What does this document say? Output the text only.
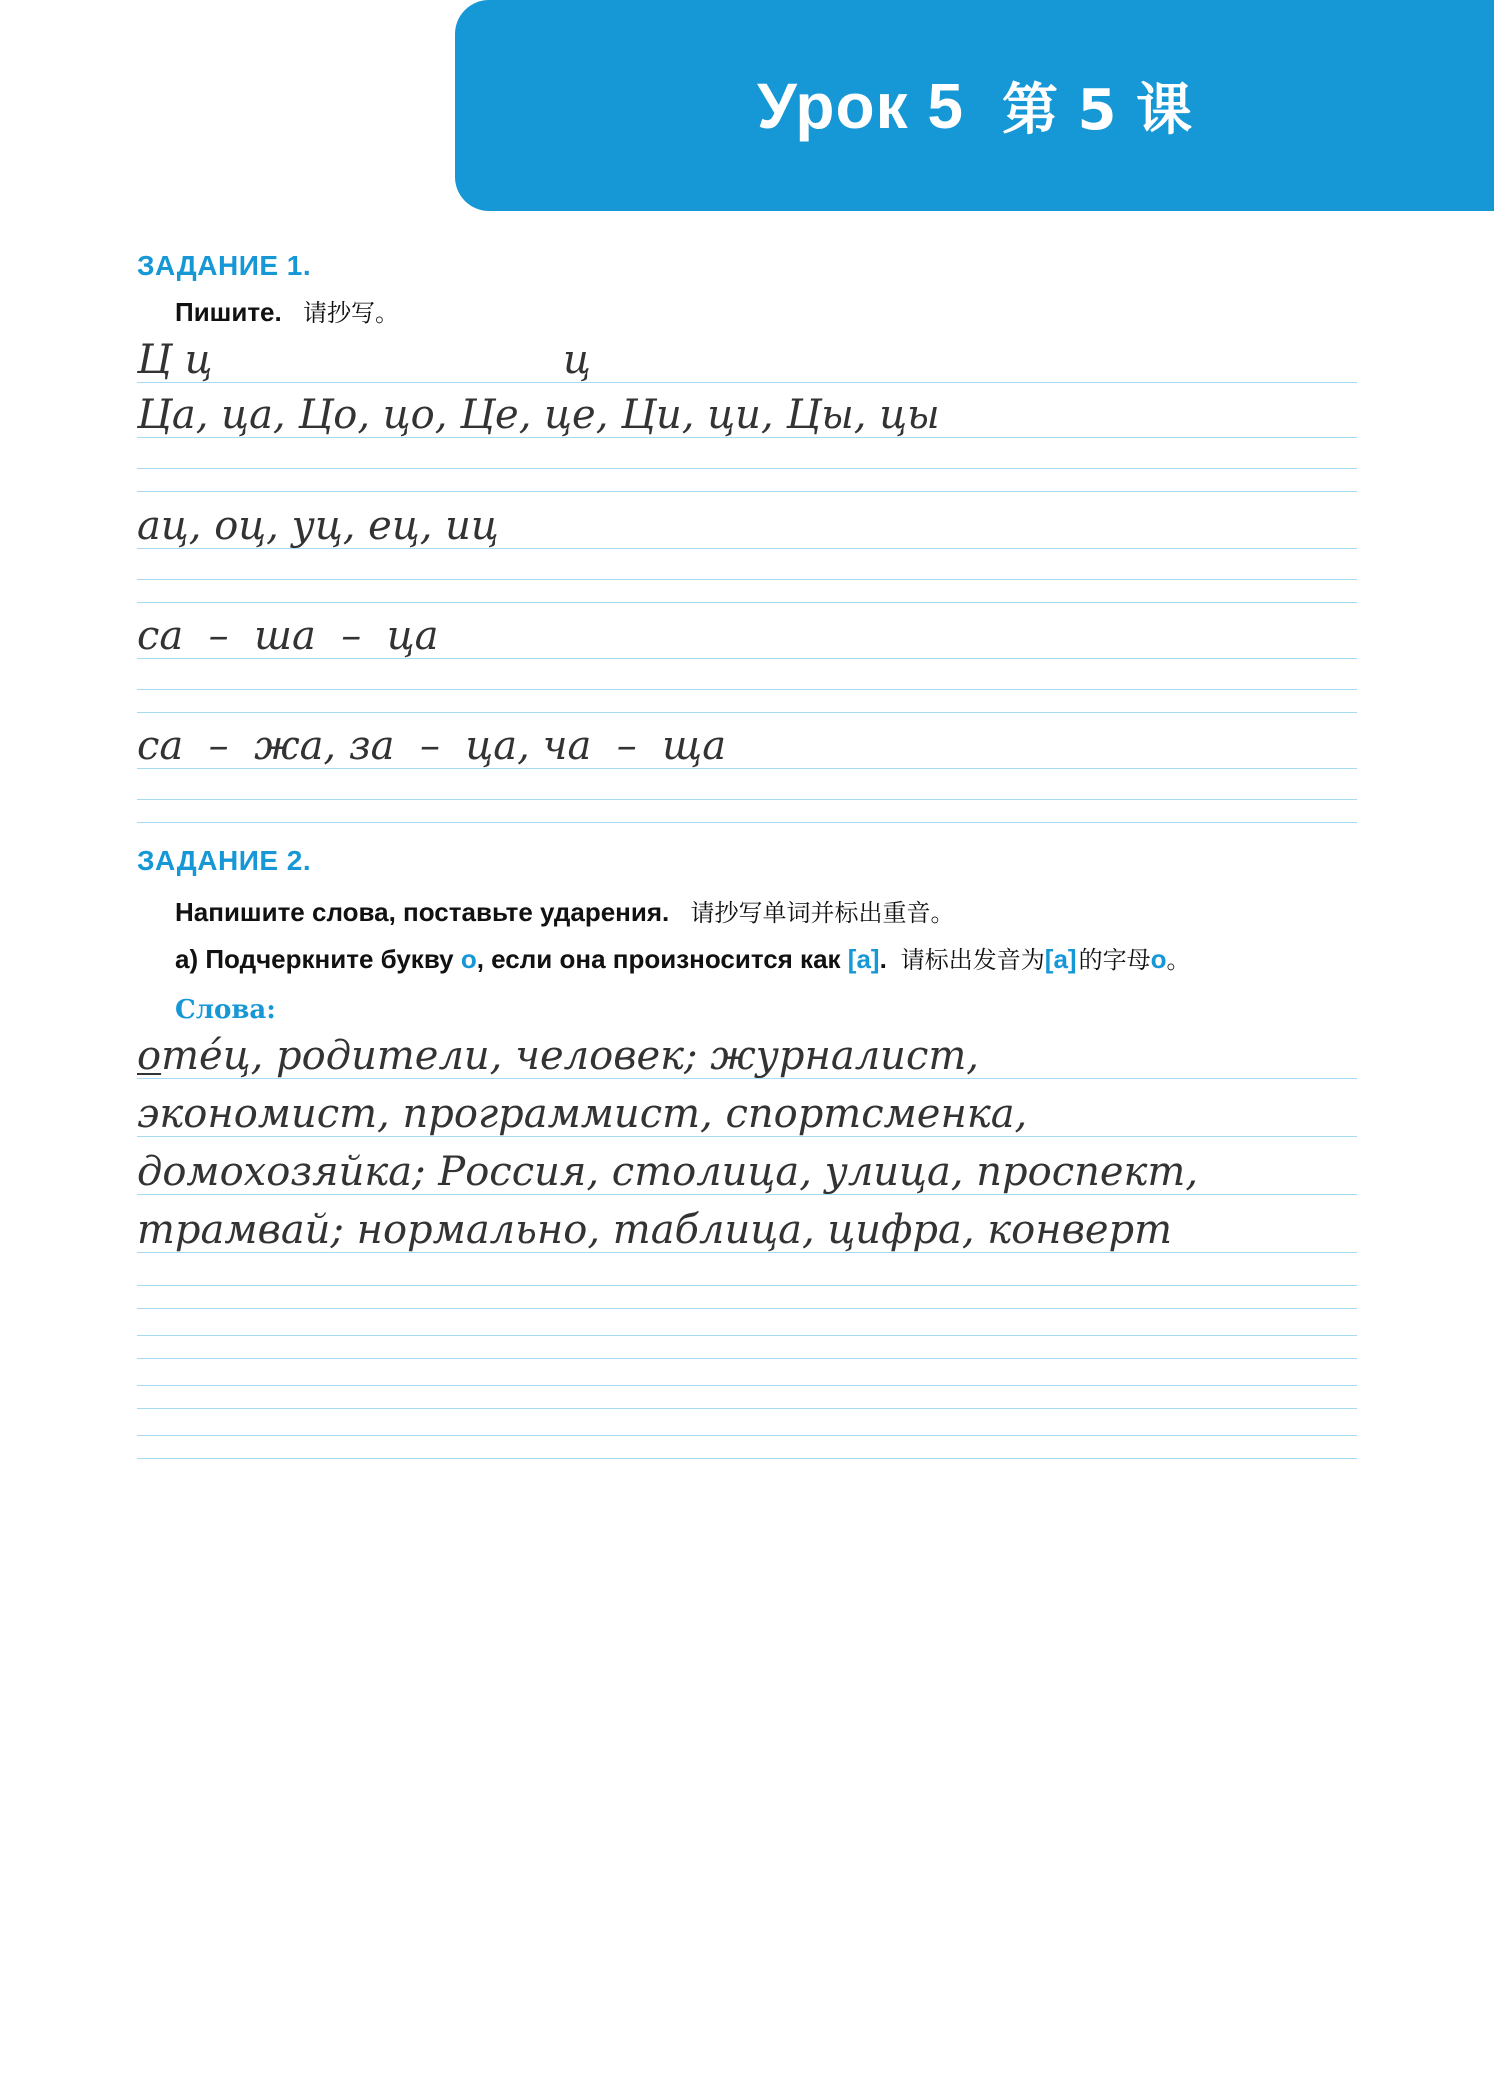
Урок 5 第 5 课
ЗАДАНИЕ 1.
Пишите. 请抄写。
Ц ц	ц
Ца, ца, Цо, цо, Це, це, Ци, ци, Цы, цы
ац, оц, уц, ец, иц
са  –  ша  –  ца
са  –  жа, за  –  ца, ча  –  ща
ЗАДАНИЕ 2.
Напишите слова, поставьте ударения. 请抄写单词并标出重音。
а) Подчеркните букву о, если она произносится как [а]. 请标出发音为[а]的字母о。
Слова:
о те́ц, родители, человек; журналист,
экономист, программист, спортсменка,
домохозяйка; Россия, столица, улица, проспект,
трамвай; нормально, таблица, цифра, конверт
